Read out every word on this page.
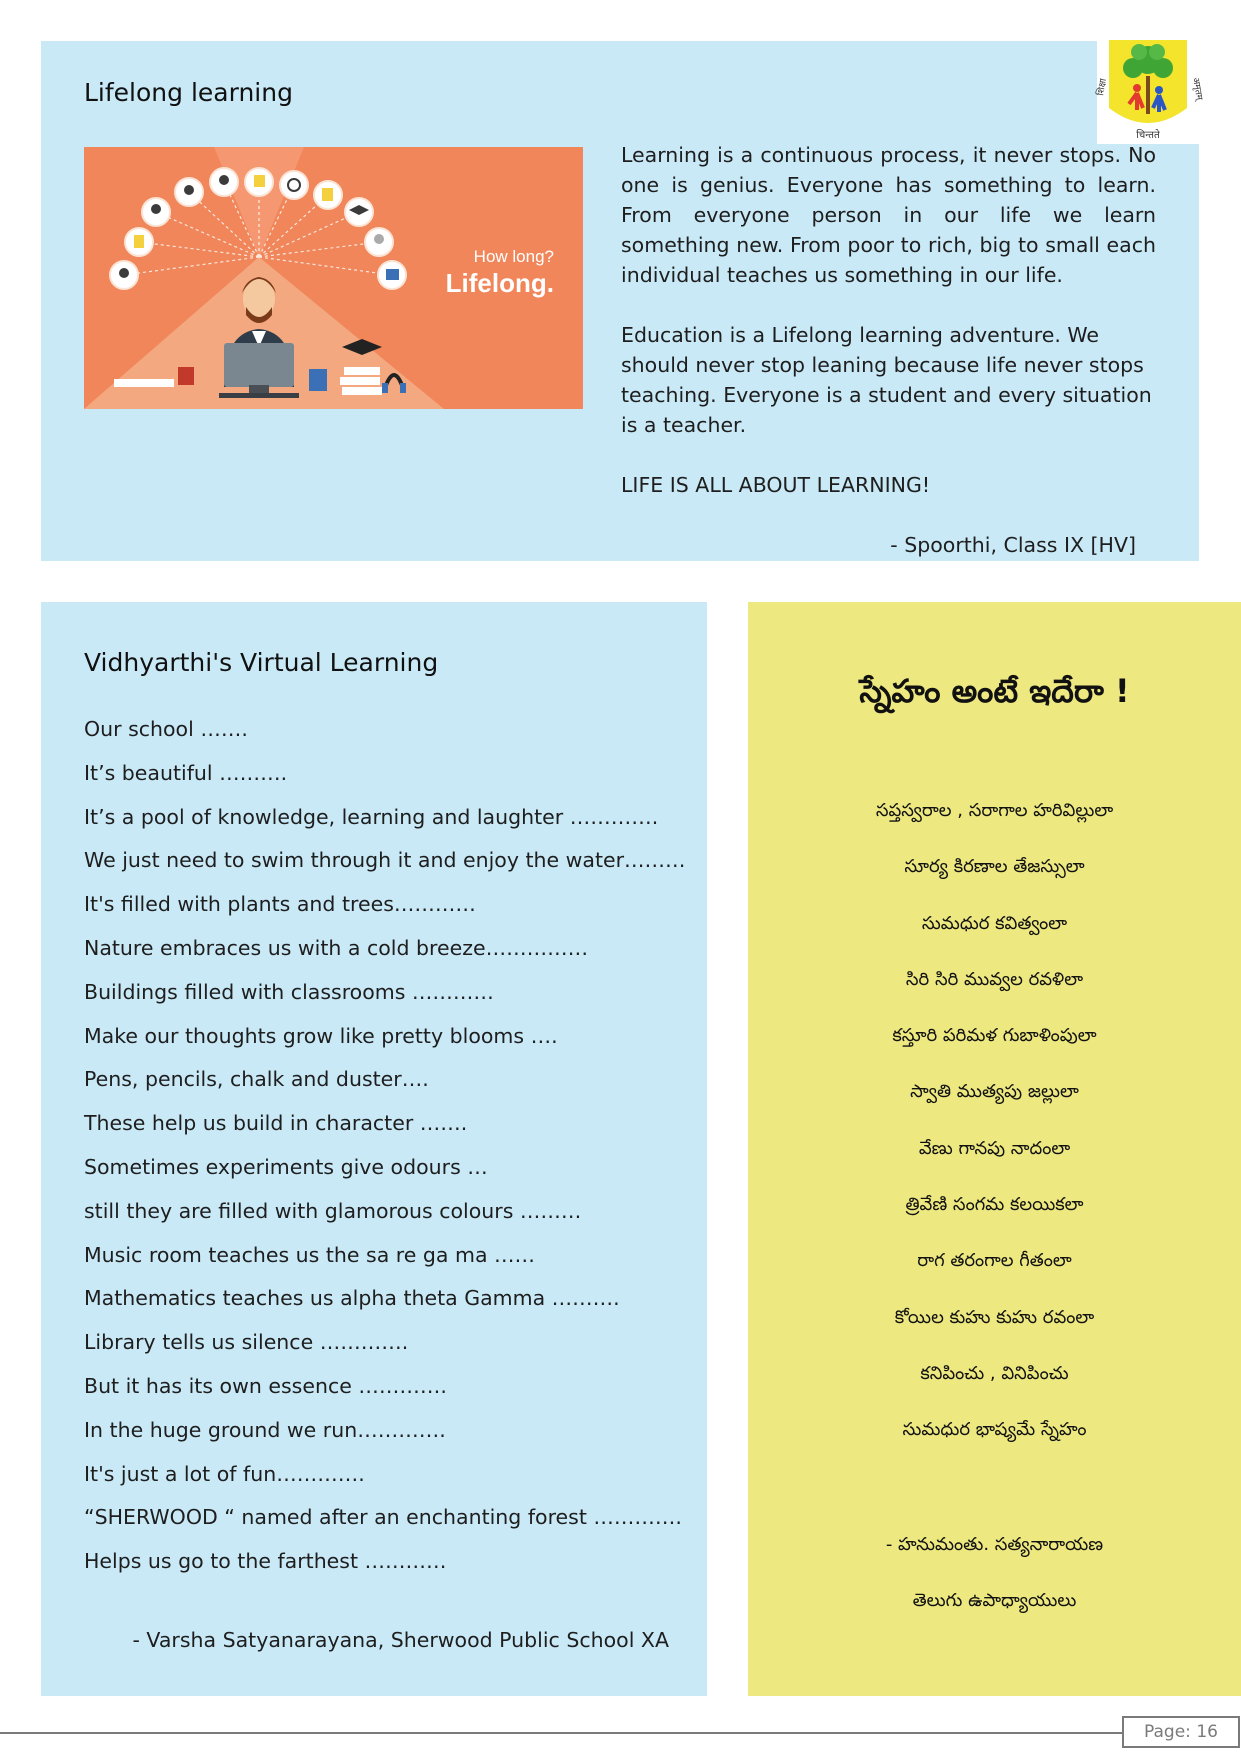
Lifelong learning
चिन्तते
शिक्षा	अमृतम्
How long?
Lifelong.

Learning is a continuous process, it never stops. No one is genius. Everyone has something to learn. From everyone person in our life we learn something new. From poor to rich, big to small each individual teaches us something in our life.

Education is a Lifelong learning adventure. We should never stop leaning because life never stops teaching. Everyone is a student and every situation is a teacher.

LIFE IS ALL ABOUT LEARNING!

- Spoorthi, Class IX [HV]

Vidhyarthi's Virtual Learning
Our school …….
It’s beautiful ……….
It’s a pool of knowledge, learning and laughter ………….
We just need to swim through it and enjoy the water………
It's filled with plants and trees…………
Nature embraces us with a cold breeze……………
Buildings filled with classrooms …………
Make our thoughts grow like pretty blooms ….
Pens, pencils, chalk and duster….
These help us build in character …….
Sometimes experiments give odours …
still they are filled with glamorous colours ………
Music room teaches us the sa re ga ma ……
Mathematics teaches us alpha theta Gamma ……….
Library tells us silence ………….
But it has its own essence ………….
In the huge ground we run………….
It's just a lot of fun………….
“SHERWOOD “ named after an enchanting forest ………….
Helps us go to the farthest …………
- Varsha Satyanarayana, Sherwood Public School XA
స్నేహం అంటే ఇదేరా !
సప్తస్వరాల , సరాగాల హరివిల్లులా
సూర్య కిరణాల తేజస్సులా
సుమధుర కవిత్వంలా
సిరి సిరి మువ్వల రవళిలా
కస్తూరి పరిమళ గుబాళింపులా
స్వాతి ముత్యపు జల్లులా
వేణు గానపు నాదంలా
త్రివేణి సంగమ కలయికలా
రాగ తరంగాల గీతంలా
కోయిల కుహు కుహు రవంలా
కనిపించు , వినిపించు
సుమధుర భాష్యమే స్నేహం
- హనుమంతు. సత్యనారాయణ
తెలుగు ఉపాధ్యాయులు
Page: 16
